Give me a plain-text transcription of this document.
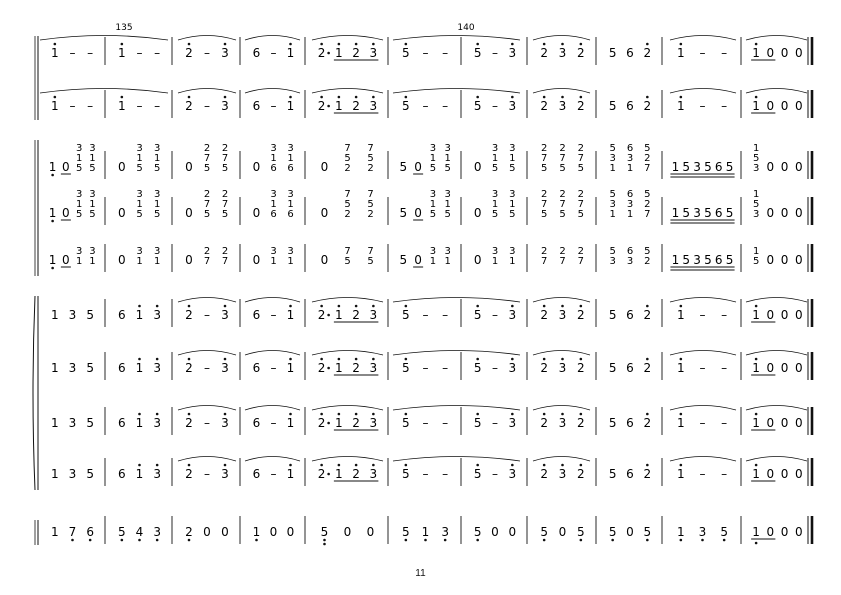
1 – – 1 – – 2 – 3 6 – 1 2 1 2 3 5 – – 5 – 3 2 3 2 5 6 2 1 – – 1 0 0 0
1 – – 1 – – 2 – 3 6 – 1 2 1 2 3 5 – – 5 – 3 2 3 2 5 6 2 1 – – 1 0 0 0
1 0
3
1
5
3
1
5 0
3
1
5
3
1
5 0
2
7
5
2
7
5 0
3
1
6
3
1
6 0
7
5
2
7
5
2 5 0
3
1
5
3
1
5 0
3
1
5
3
1
5
2
7
5
2
7
5
2
7
5
5
3
1
6
3
1
5
2
7 1 5 3 5 6 5
1
5
3 0 0 0
1 0
3
1
5
3
1
5 0
3
1
5
3
1
5 0
2
7
5
2
7
5 0
3
1
6
3
1
6 0
7
5
2
7
5
2 5 0
3
1
5
3
1
5 0
3
1
5
3
1
5
2
7
5
2
7
5
2
7
5
5
3
1
6
3
1
5
2
7 1 5 3 5 6 5
1
5
3 0 0 0
1 0
3
1
3
1 0
3
1
3
1 0
2
7
2
7 0
3
1
3
1 0
7
5
7
5 5 0
3
1
3
1 0
3
1
3
1
2
7
2
7
2
7
5
3
6
3
5
2 1 5 3 5 6 5
1
5 0 0 0
1 3 5 6 1 3 2 – 3 6 – 1 2 1 2 3 5 – – 5 – 3 2 3 2 5 6 2 1 – – 1 0 0 0
1 3 5 6 1 3 2 – 3 6 – 1 2 1 2 3 5 – – 5 – 3 2 3 2 5 6 2 1 – – 1 0 0 0
1 3 5 6 1 3 2 – 3 6 – 1 2 1 2 3 5 – – 5 – 3 2 3 2 5 6 2 1 – – 1 0 0 0
1 3 5 6 1 3 2 – 3 6 – 1 2 1 2 3 5 – – 5 – 3 2 3 2 5 6 2 1 – – 1 0 0 0
1 7 6 5 4 3 2 0 0 1 0 0 5 0 0 5 1 3 5 0 0 5 0 5 5 0 5 1 3 5 1 0 0 0
135	140
11
